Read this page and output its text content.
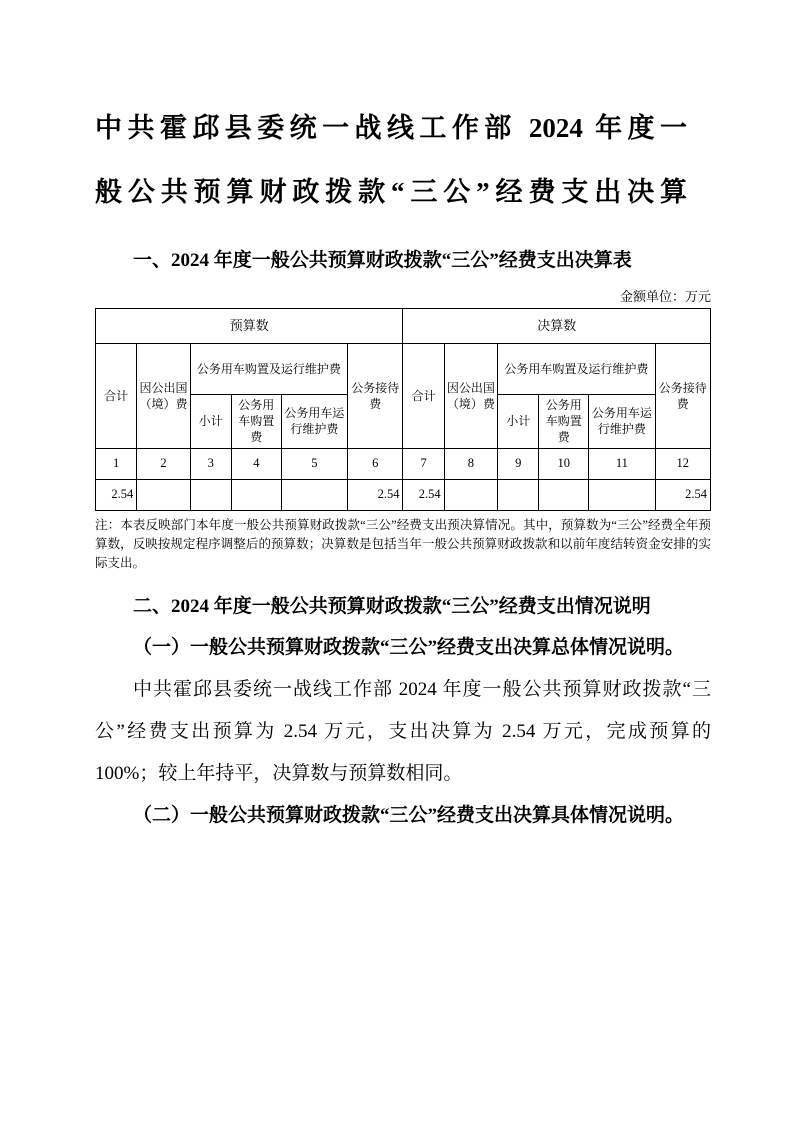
中共霍邱县委统一战线工作部 2024 年度一
般公共预算财政拨款“三公”经费支出决算
一、2024 年度一般公共预算财政拨款“三公”经费支出决算表
金额单位：万元
预算数						决算数					
合计	因公出国（境）费	公务用车购置及运行维护费			公务接待费	合计	因公出国（境）费	公务用车购置及运行维护费			公务接待费
		小计	公务用车购置费	公务用车运行维护费				小计	公务用车购置费	公务用车运行维护费	
1	2	3	4	5	6	7	8	9	10	11	12
2.54					2.54	2.54					2.54

注：本表反映部门本年度一般公共预算财政拨款“三公”经费支出预决算情况。其中，预算数为“三公”经费全年预算数，反映按规定程序调整后的预算数；决算数是包括当年一般公共预算财政拨款和以前年度结转资金安排的实际支出。

二、2024 年度一般公共预算财政拨款“三公”经费支出情况说明
（一）一般公共预算财政拨款“三公”经费支出决算总体情况说明。

中共霍邱县委统一战线工作部 2024 年度一般公共预算财政拨款“三公”经费支出预算为 2.54 万元，支出决算为 2.54 万元，完成预算的 100%；较上年持平，决算数与预算数相同。

（二）一般公共预算财政拨款“三公”经费支出决算具体情况说明。
